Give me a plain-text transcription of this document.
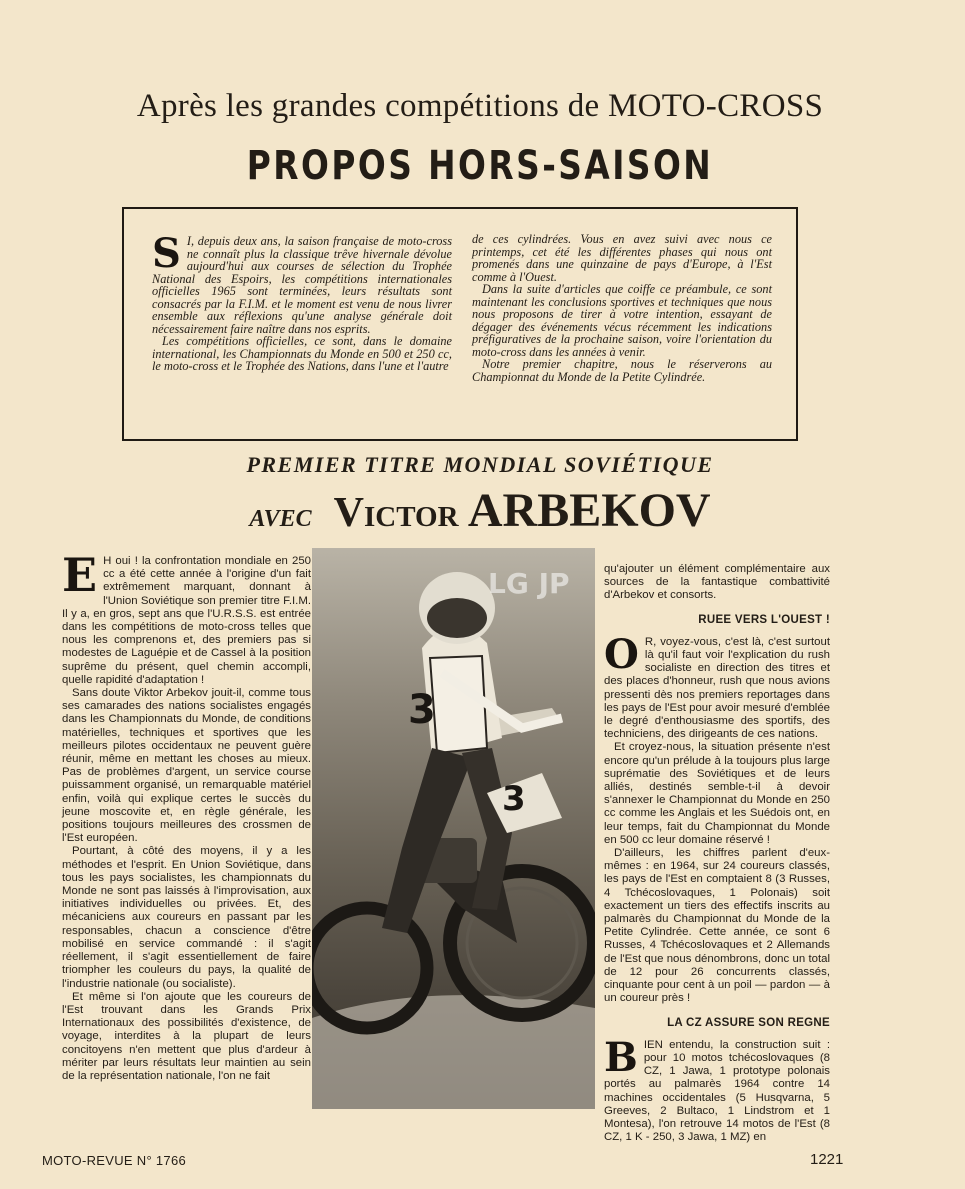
Après les grandes compétitions de MOTO-CROSS
PROPOS HORS-SAISON
S I, depuis deux ans, la saison française de moto-cross ne connaît plus la classique trêve hivernale dévolue aujourd'hui aux courses de sélection du Trophée National des Espoirs, les compétitions internationales officielles 1965 sont terminées, leurs résultats sont consacrés par la F.I.M. et le moment est venu de nous livrer ensemble aux réflexions qu'une analyse générale doit nécessairement faire naître dans nos esprits.

Les compétitions officielles, ce sont, dans le domaine international, les Championnats du Monde en 500 et 250 cc, le moto-cross et le Trophée des Nations, dans l'une et l'autre

de ces cylindrées. Vous en avez suivi avec nous ce printemps, cet été les différentes phases qui nous ont promenés dans une quinzaine de pays d'Europe, à l'Est comme à l'Ouest.

Dans la suite d'articles que coiffe ce préambule, ce sont maintenant les conclusions sportives et techniques que nous nous proposons de tirer à votre intention, essayant de dégager des événements vécus récemment les indications préfiguratives de la prochaine saison, voire l'orientation du moto-cross dans les années à venir.

Notre premier chapitre, nous le réserverons au Championnat du Monde de la Petite Cylindrée.

PREMIER TITRE MONDIAL SOVIÉTIQUE
AVEC Victor ARBEKOV
E H oui ! la confrontation mondiale en 250 cc a été cette année à l'origine d'un fait extrêmement marquant, donnant à l'Union Soviétique son premier titre F.I.M. Il y a, en gros, sept ans que l'U.R.S.S. est entrée dans les compétitions de moto-cross telles que nous les comprenons et, des premiers pas si modestes de Laguépie et de Cassel à la position suprême du présent, quel chemin accompli, quelle rapidité d'adaptation !

Sans doute Viktor Arbekov jouit-il, comme tous ses camarades des nations socialistes engagés dans les Championnats du Monde, de conditions matérielles, techniques et sportives que les meilleurs pilotes occidentaux ne peuvent guère réunir, même en mettant les choses au mieux. Pas de problèmes d'argent, un service course puissamment organisé, un remarquable matériel enfin, voilà qui explique certes le succès du jeune moscovite et, en règle générale, les positions toujours meilleures des crossmen de l'Est européen.

Pourtant, à côté des moyens, il y a les méthodes et l'esprit. En Union Soviétique, dans tous les pays socialistes, les championnats du Monde ne sont pas laissés à l'improvisation, aux initiatives individuelles ou privées. Et, des mécaniciens aux coureurs en passant par les responsables, chacun a conscience d'être mobilisé en service commandé : il s'agit réellement, il s'agit essentiellement de faire triompher les couleurs du pays, la qualité de l'industrie nationale (ou socialiste).

Et même si l'on ajoute que les coureurs de l'Est trouvant dans les Grands Prix Internationaux des possibilités d'existence, de voyage, interdites à la plupart de leurs concitoyens n'en mettent que plus d'ardeur à mériter par leurs résultats leur maintien au sein de la représentation nationale, l'on ne fait

3
3
LG JP	qu'ajouter un élément complémentaire aux sources de la fantastique combattivité d'Arbekov et consorts.

RUEE VERS L'OUEST !

O R, voyez-vous, c'est là, c'est surtout là qu'il faut voir l'explication du rush socialiste en direction des titres et des places d'honneur, rush que nous avions pressenti dès nos premiers reportages dans les pays de l'Est pour avoir mesuré d'emblée le degré d'enthousiasme des sportifs, des techniciens, des dirigeants de ces nations.

Et croyez-nous, la situation présente n'est encore qu'un prélude à la toujours plus large suprématie des Soviétiques et de leurs alliés, destinés semble-t-il à devoir s'annexer le Championnat du Monde en 250 cc comme les Anglais et les Suédois ont, en leur temps, fait du Championnat du Monde en 500 cc leur domaine réservé !

D'ailleurs, les chiffres parlent d'eux-mêmes : en 1964, sur 24 coureurs classés, les pays de l'Est en comptaient 8 (3 Russes, 4 Tchécoslovaques, 1 Polonais) soit exactement un tiers des effectifs inscrits au palmarès du Championnat du Monde de la Petite Cylindrée. Cette année, ce sont 6 Russes, 4 Tchécoslovaques et 2 Allemands de l'Est que nous dénombrons, donc un total de 12 pour 26 concurrents classés, cinquante pour cent à un poil — pardon — à un coureur près !

LA CZ ASSURE SON REGNE

B IEN entendu, la construction suit : pour 10 motos tchécoslovaques (8 CZ, 1 Jawa, 1 prototype polonais portés au palmarès 1964 contre 14 machines occidentales (5 Husqvarna, 5 Greeves, 2 Bultaco, 1 Lindstrom et 1 Montesa), l'on retrouve 14 motos de l'Est (8 CZ, 1 K - 250, 3 Jawa, 1 MZ) en

MOTO-REVUE N° 1766	1221
